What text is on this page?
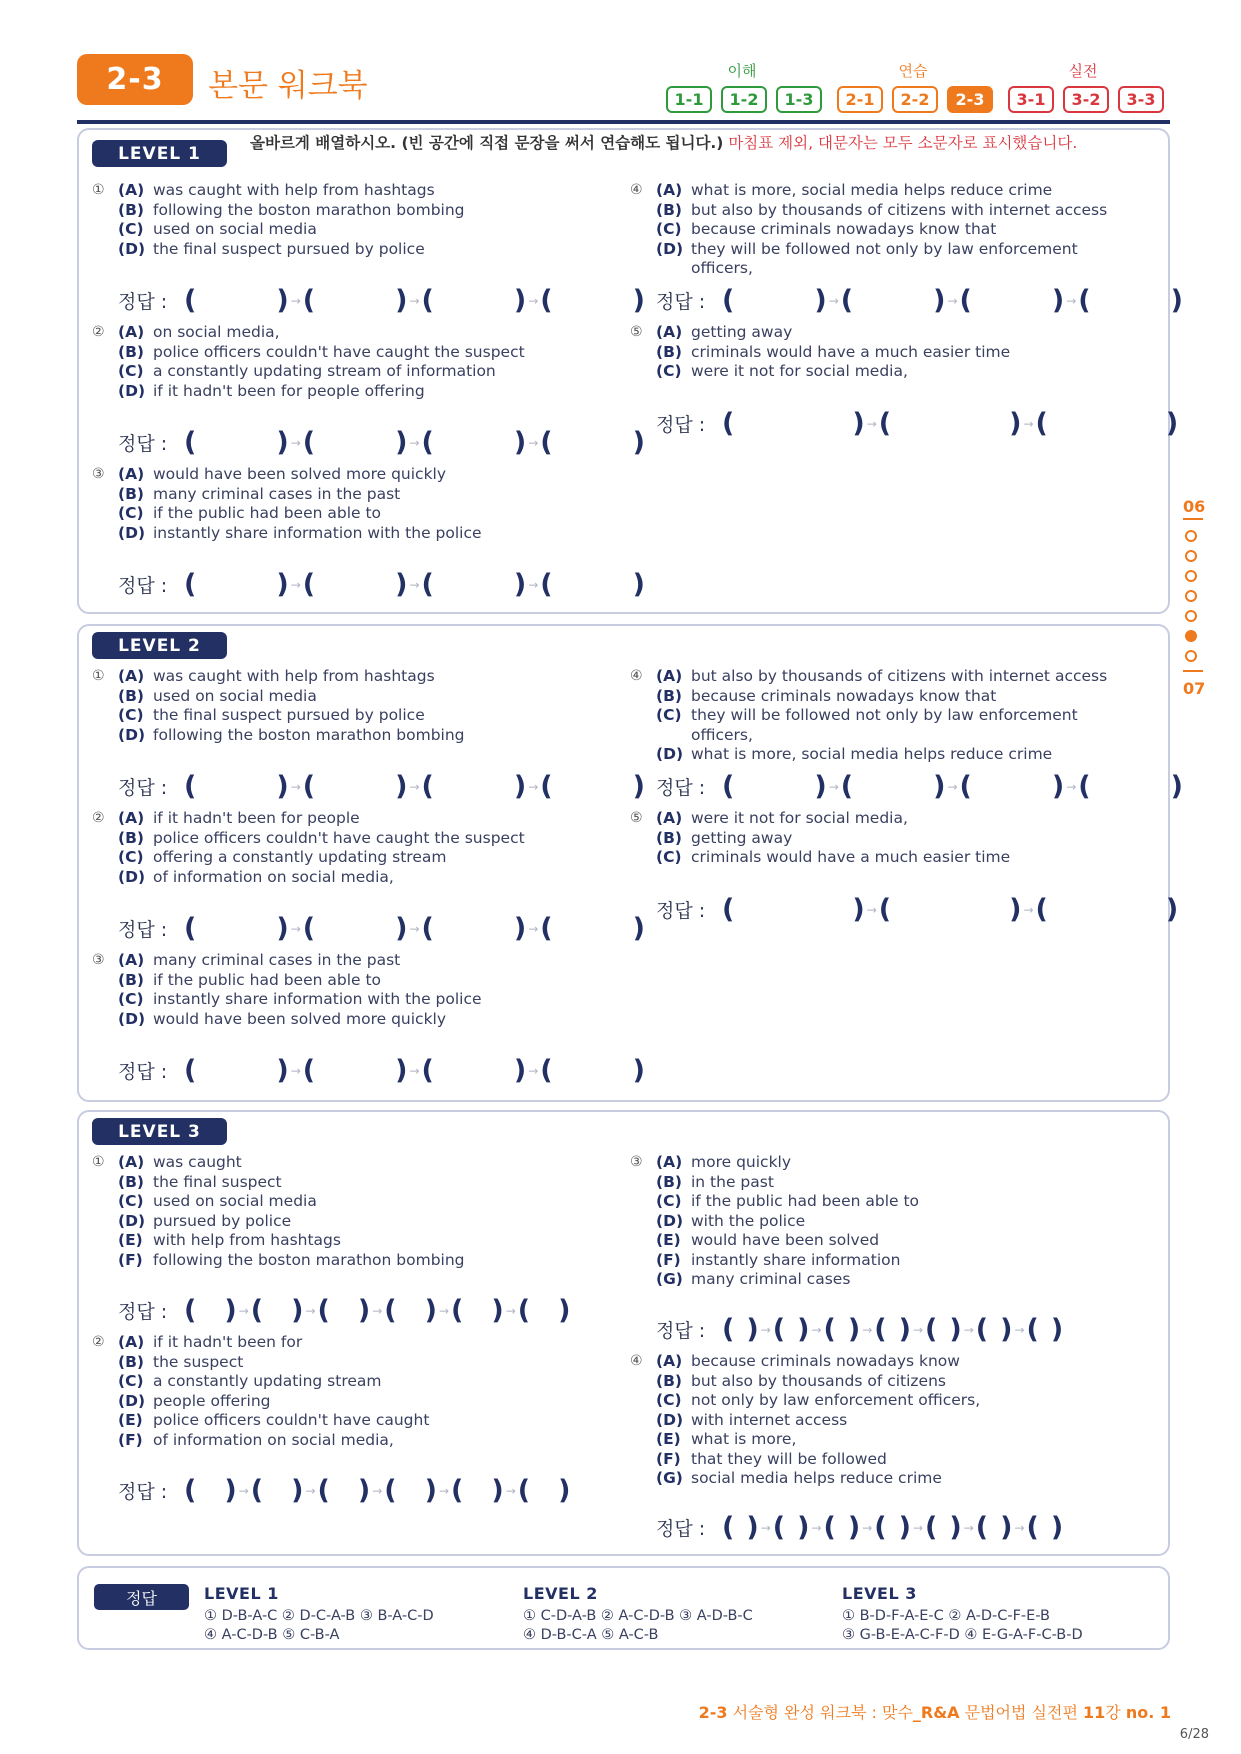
2-3	본문 워크북	이해	연습	실전
1-1	1-2	1-3	2-1	2-2	2-3	3-1	3-2	3-3
06
07
LEVEL 1
올바르게 배열하시오. (빈 공간에 직접 문장을 써서 연습해도 됩니다.) 마침표 제외, 대문자는 모두 소문자로 표시했습니다.
① (A) was caught with help from hashtags
(B) following the boston marathon bombing
(C) used on social media
(D) the final suspect pursued by police
② (A) on social media,
(B) police officers couldn't have caught the suspect
(C) a constantly updating stream of information
(D) if it hadn't been for people offering
③ (A) would have been solved more quickly
(B) many criminal cases in the past
(C) if the public had been able to
(D) instantly share information with the police
④ (A) what is more, social media helps reduce crime
(B) but also by thousands of citizens with internet access
(C) because criminals nowadays know that
(D) they will be followed not only by law enforcement officers,
⑤ (A) getting away
(B) criminals would have a much easier time
(C) were it not for social media,
정답 : (	) → (	) → (	) → (	)
정답 : (	) → (	) → (	) → (	)
정답 : (	) → (	) → (	) → (	)
정답 : (	) → (	) → (	) → (	)
정답 : (	) → (	) → (	)
LEVEL 2
① (A) was caught with help from hashtags
(B) used on social media
(C) the final suspect pursued by police
(D) following the boston marathon bombing
② (A) if it hadn't been for people
(B) police officers couldn't have caught the suspect
(C) offering a constantly updating stream
(D) of information on social media,
③ (A) many criminal cases in the past
(B) if the public had been able to
(C) instantly share information with the police
(D) would have been solved more quickly
④ (A) but also by thousands of citizens with internet access
(B) because criminals nowadays know that
(C) they will be followed not only by law enforcement officers,
(D) what is more, social media helps reduce crime
⑤ (A) were it not for social media,
(B) getting away
(C) criminals would have a much easier time
정답 : (	) → (	) → (	) → (	)
정답 : (	) → (	) → (	) → (	)
정답 : (	) → (	) → (	) → (	)
정답 : (	) → (	) → (	) → (	)
정답 : (	) → (	) → (	)
LEVEL 3
① (A) was caught
(B) the final suspect
(C) used on social media
(D) pursued by police
(E) with help from hashtags
(F) following the boston marathon bombing
② (A) if it hadn't been for
(B) the suspect
(C) a constantly updating stream
(D) people offering
(E) police officers couldn't have caught
(F) of information on social media,
③ (A) more quickly
(B) in the past
(C) if the public had been able to
(D) with the police
(E) would have been solved
(F) instantly share information
(G) many criminal cases
④ (A) because criminals nowadays know
(B) but also by thousands of citizens
(C) not only by law enforcement officers,
(D) with internet access
(E) what is more,
(F) that they will be followed
(G) social media helps reduce crime
정답 : ( ) → ( ) → ( ) → ( ) → ( ) → ( )
정답 : ( ) → ( ) → ( ) → ( ) → ( ) → ( )
정답 : ( ) → ( ) → ( ) → ( ) → ( ) → ( ) → ( )
정답 : ( ) → ( ) → ( ) → ( ) → ( ) → ( ) → ( )
정답	LEVEL 1
① D-B-A-C ② D-C-A-B ③ B-A-C-D
④ A-C-D-B ⑤ C-B-A
LEVEL 2
① C-D-A-B ② A-C-D-B ③ A-D-B-C
④ D-B-C-A ⑤ A-C-B
LEVEL 3
① B-D-F-A-E-C ② A-D-C-F-E-B
③ G-B-E-A-C-F-D ④ E-G-A-F-C-B-D
2-3 서술형 완성 워크북 : 맞수_R&A 문법어법 실전편 11강 no. 1
6/28
